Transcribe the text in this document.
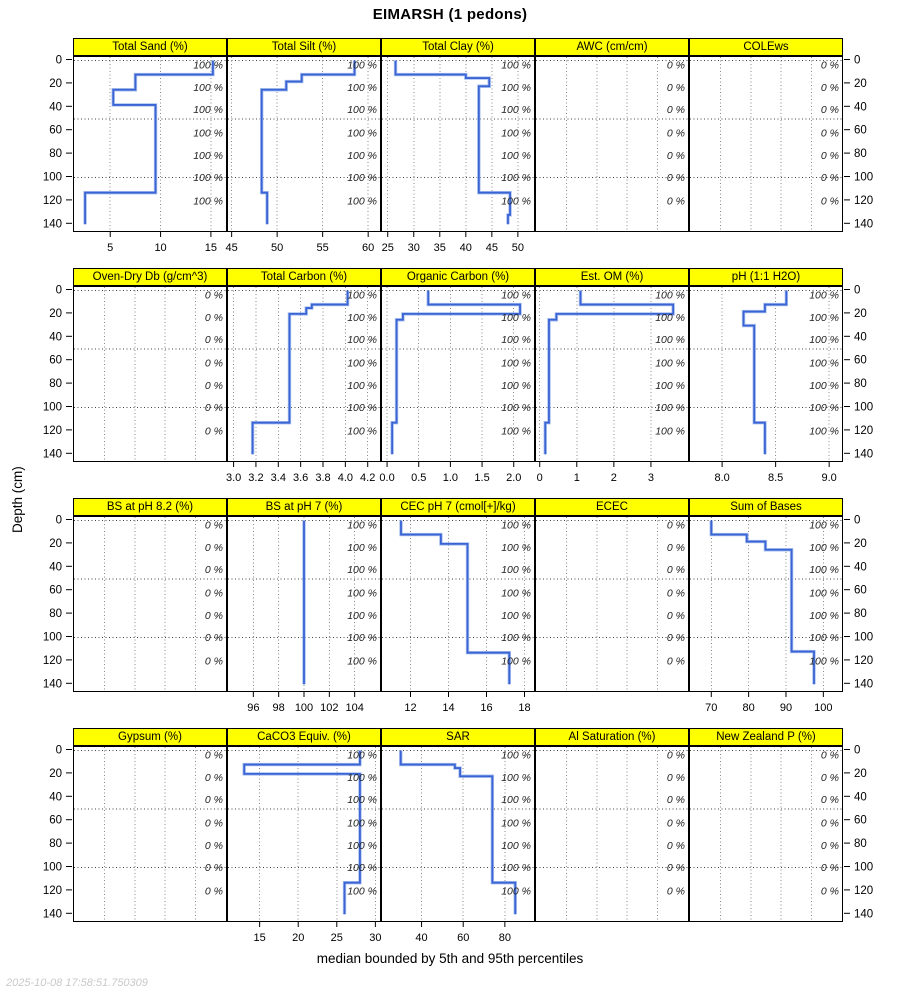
EIMARSH (1 pedons)
Depth (cm)
0
20
40
60
80
100
120
140
0
20
40
60
80
100
120
140
Total Sand (%)
100 %
100 %
100 %
100 %
100 %
100 %
100 %
5	10	15
Total Silt (%)
100 %
100 %
100 %
100 %
100 %
100 %
100 %
45	50	55	60
Total Clay (%)
100 %
100 %
100 %
100 %
100 %
100 %
100 %
25 30 35 40 45 50
AWC (cm/cm)
0 %
0 %
0 %
0 %
0 %
0 %
0 %
COLEws
0 %
0 %
0 %
0 %
0 %
0 %
0 %
0
20
40
60
80
100
120
140
0
20
40
60
80
100
120
140
Oven-Dry Db (g/cm^3)
0 %
0 %
0 %
0 %
0 %
0 %
0 %
Total Carbon (%)
100 %
100 %
100 %
100 %
100 %
100 %
100 %
3.0 3.2 3.4 3.6 3.8 4.0 4.2
Organic Carbon (%)
100 %
100 %
100 %
100 %
100 %
100 %
100 %
0.0 0.5 1.0 1.5 2.0
Est. OM (%)
100 %
100 %
100 %
100 %
100 %
100 %
100 %
0	1	2	3
pH (1:1 H2O)
100 %
100 %
100 %
100 %
100 %
100 %
100 %
8.0	8.5	9.0
0
20
40
60
80
100
120
140
0
20
40
60
80
100
120
140
BS at pH 8.2 (%)
0 %
0 %
0 %
0 %
0 %
0 %
0 %
BS at pH 7 (%)
100 %
100 %
100 %
100 %
100 %
100 %
100 %
96 98 100 102 104
CEC pH 7 (cmol[+]/kg)
100 %
100 %
100 %
100 %
100 %
100 %
100 %
12 14 16 18
ECEC
0 %
0 %
0 %
0 %
0 %
0 %
0 %
Sum of Bases
100 %
100 %
100 %
100 %
100 %
100 %
100 %
70 80 90 100
0
20
40
60
80
100
120
140
0
20
40
60
80
100
120
140
Gypsum (%)
0 %
0 %
0 %
0 %
0 %
0 %
0 %
CaCO3 Equiv. (%)
100 %
100 %
100 %
100 %
100 %
100 %
100 %
15 20 25 30
SAR
100 %
100 %
100 %
100 %
100 %
100 %
100 %
40	60	80
Al Saturation (%)
0 %
0 %
0 %
0 %
0 %
0 %
0 %
New Zealand P (%)
0 %
0 %
0 %
0 %
0 %
0 %
0 %
median bounded by 5th and 95th percentiles
2025-10-08 17:58:51.750309
